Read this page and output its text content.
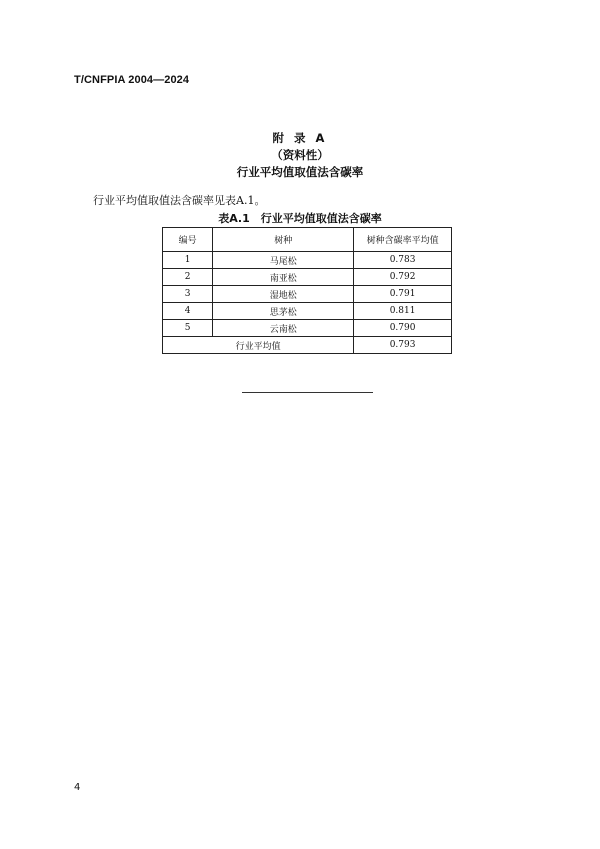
T/CNFPIA 2004—2024
附 录 A
（资料性）
行业平均值取值法含碳率
行业平均值取值法含碳率见表A.1。
表A.1　行业平均值取值法含碳率
编号	树种	树种含碳率平均值
1	马尾松	0.783
2	南亚松	0.792
3	湿地松	0.791
4	思茅松	0.811
5	云南松	0.790
行业平均值		0.793
4
